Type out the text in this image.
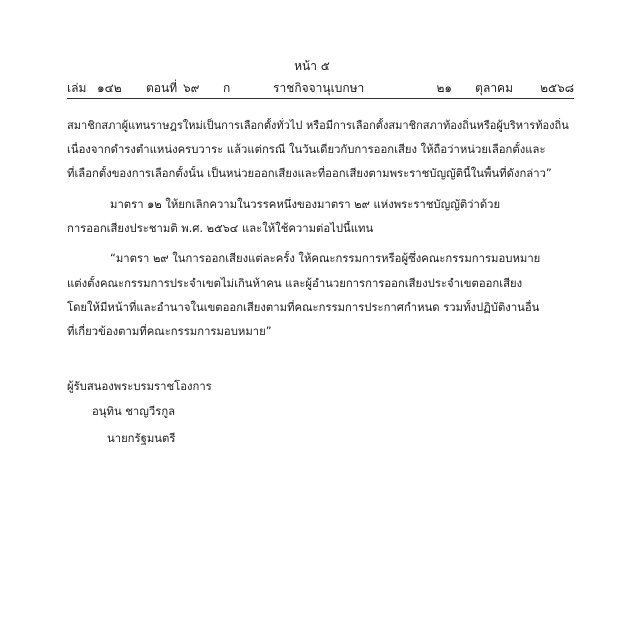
หน้า ๕
เล่ม ๑๔๒ ตอนที่ ๖๙ ก	ราชกิจจานุเบกษา	๒๑ ตุลาคม ๒๕๖๘
สมาชิกสภาผู้แทนราษฎรใหม่เป็นการเลือกตั้งทั่วไป หรือมีการเลือกตั้งสมาชิกสภาท้องถิ่นหรือผู้บริหารท้องถิ่น
เนื่องจากดำรงตำแหน่งครบวาระ แล้วแต่กรณี ในวันเดียวกับการออกเสียง ให้ถือว่าหน่วยเลือกตั้งและ
ที่เลือกตั้งของการเลือกตั้งนั้น เป็นหน่วยออกเสียงและที่ออกเสียงตามพระราชบัญญัตินี้ในพื้นที่ดังกล่าว”
มาตรา ๑๒ ให้ยกเลิกความในวรรคหนึ่งของมาตรา ๒๙ แห่งพระราชบัญญัติว่าด้วย
การออกเสียงประชามติ พ.ศ. ๒๕๖๔ และให้ใช้ความต่อไปนี้แทน
“มาตรา ๒๙ ในการออกเสียงแต่ละครั้ง ให้คณะกรรมการหรือผู้ซึ่งคณะกรรมการมอบหมาย
แต่งตั้งคณะกรรมการประจำเขตไม่เกินห้าคน และผู้อำนวยการการออกเสียงประจำเขตออกเสียง
โดยให้มีหน้าที่และอำนาจในเขตออกเสียงตามที่คณะกรรมการประกาศกำหนด รวมทั้งปฏิบัติงานอื่น
ที่เกี่ยวข้องตามที่คณะกรรมการมอบหมาย”
ผู้รับสนองพระบรมราชโองการ
อนุทิน ชาญวีรกูล
นายกรัฐมนตรี
